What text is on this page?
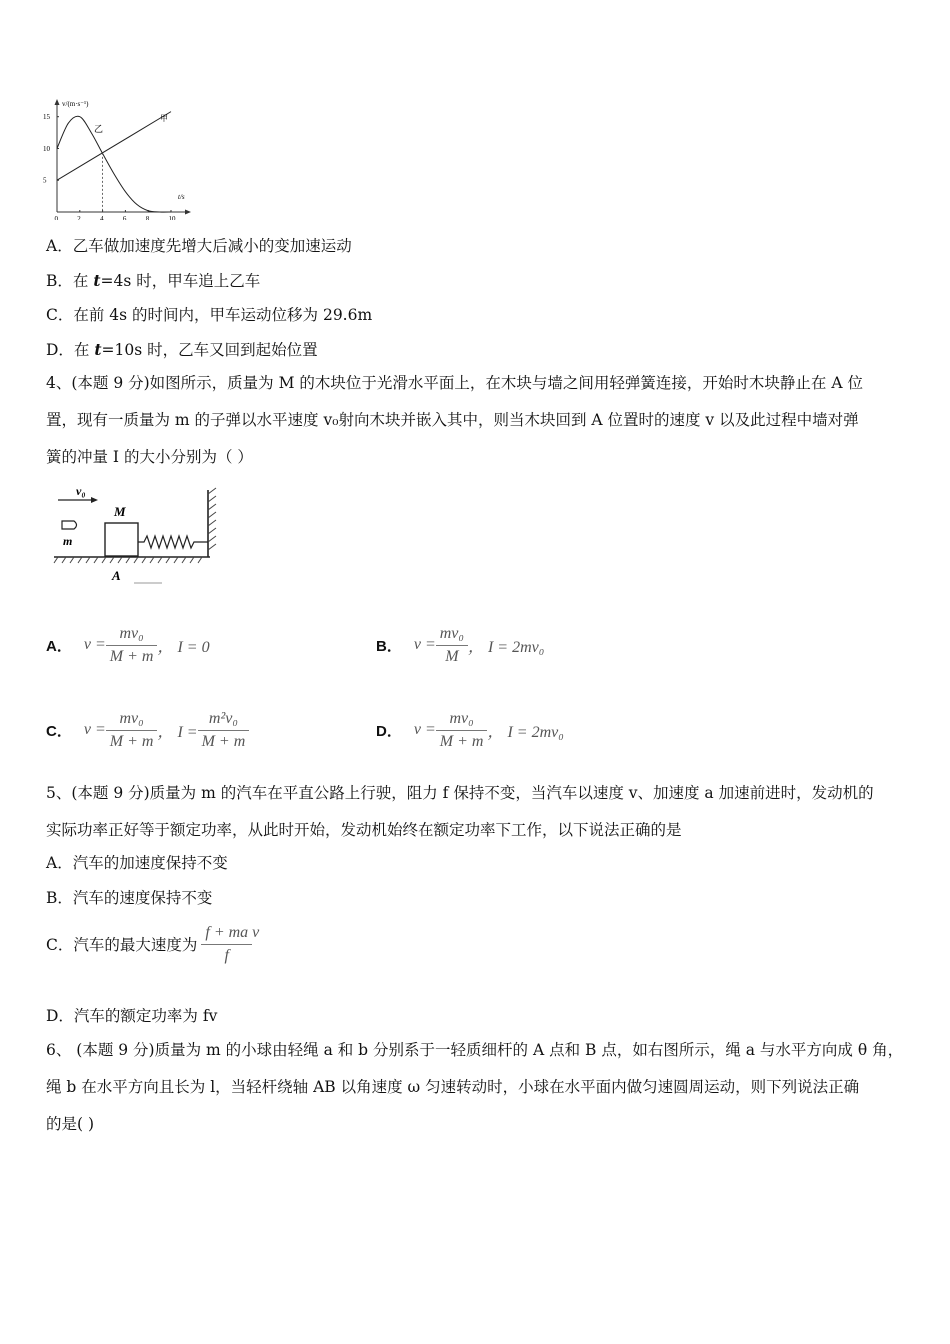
0	2	4	6	8	10
5
10
15
v/(m·s⁻¹)
t/s
甲
乙
A．乙车做加速度先增大后减小的变加速运动
B．在 t=4s 时，甲车追上乙车
C．在前 4s 的时间内，甲车运动位移为 29.6m
D．在 t=10s 时，乙车又回到起始位置
4、(本题 9 分)如图所示，质量为 M 的木块位于光滑水平面上，在木块与墙之间用轻弹簧连接，开始时木块静止在 A 位
置，现有一质量为 m 的子弹以水平速度 v₀射向木块并嵌入其中，则当木块回到 A 位置时的速度 v 以及此过程中墙对弹
簧的冲量 I 的大小分别为（ ）
v₀
m
M
A
A． $v = \frac{\text{mv₀}}{M + m}$ ， I = 0	B． $v = \frac{\text{mv₀}}{M}$ ， I = 2mv₀
C． $v = \frac{\text{mv₀}}{M + m}$ ， $I = \frac{\text{m²v₀}}{M + m}$	D． $v = \frac{\text{mv₀}}{M + m}$ ， I = 2mv₀
5、(本题 9 分)质量为 m 的汽车在平直公路上行驶，阻力 f 保持不变，当汽车以速度 v、加速度 a 加速前进时，发动机的
实际功率正好等于额定功率，从此时开始，发动机始终在额定功率下工作，以下说法正确的是
A．汽车的加速度保持不变
B．汽车的速度保持不变
C．汽车的最大速度为 $\frac{f + ma}{f}$ v
D．汽车的额定功率为 fv
6、 (本题 9 分)质量为 m 的小球由轻绳 a 和 b 分别系于一轻质细杆的 A 点和 B 点，如右图所示，绳 a 与水平方向成 θ 角，
绳 b 在水平方向且长为 l，当轻杆绕轴 AB 以角速度 ω 匀速转动时，小球在水平面内做匀速圆周运动，则下列说法正确
的是( )
